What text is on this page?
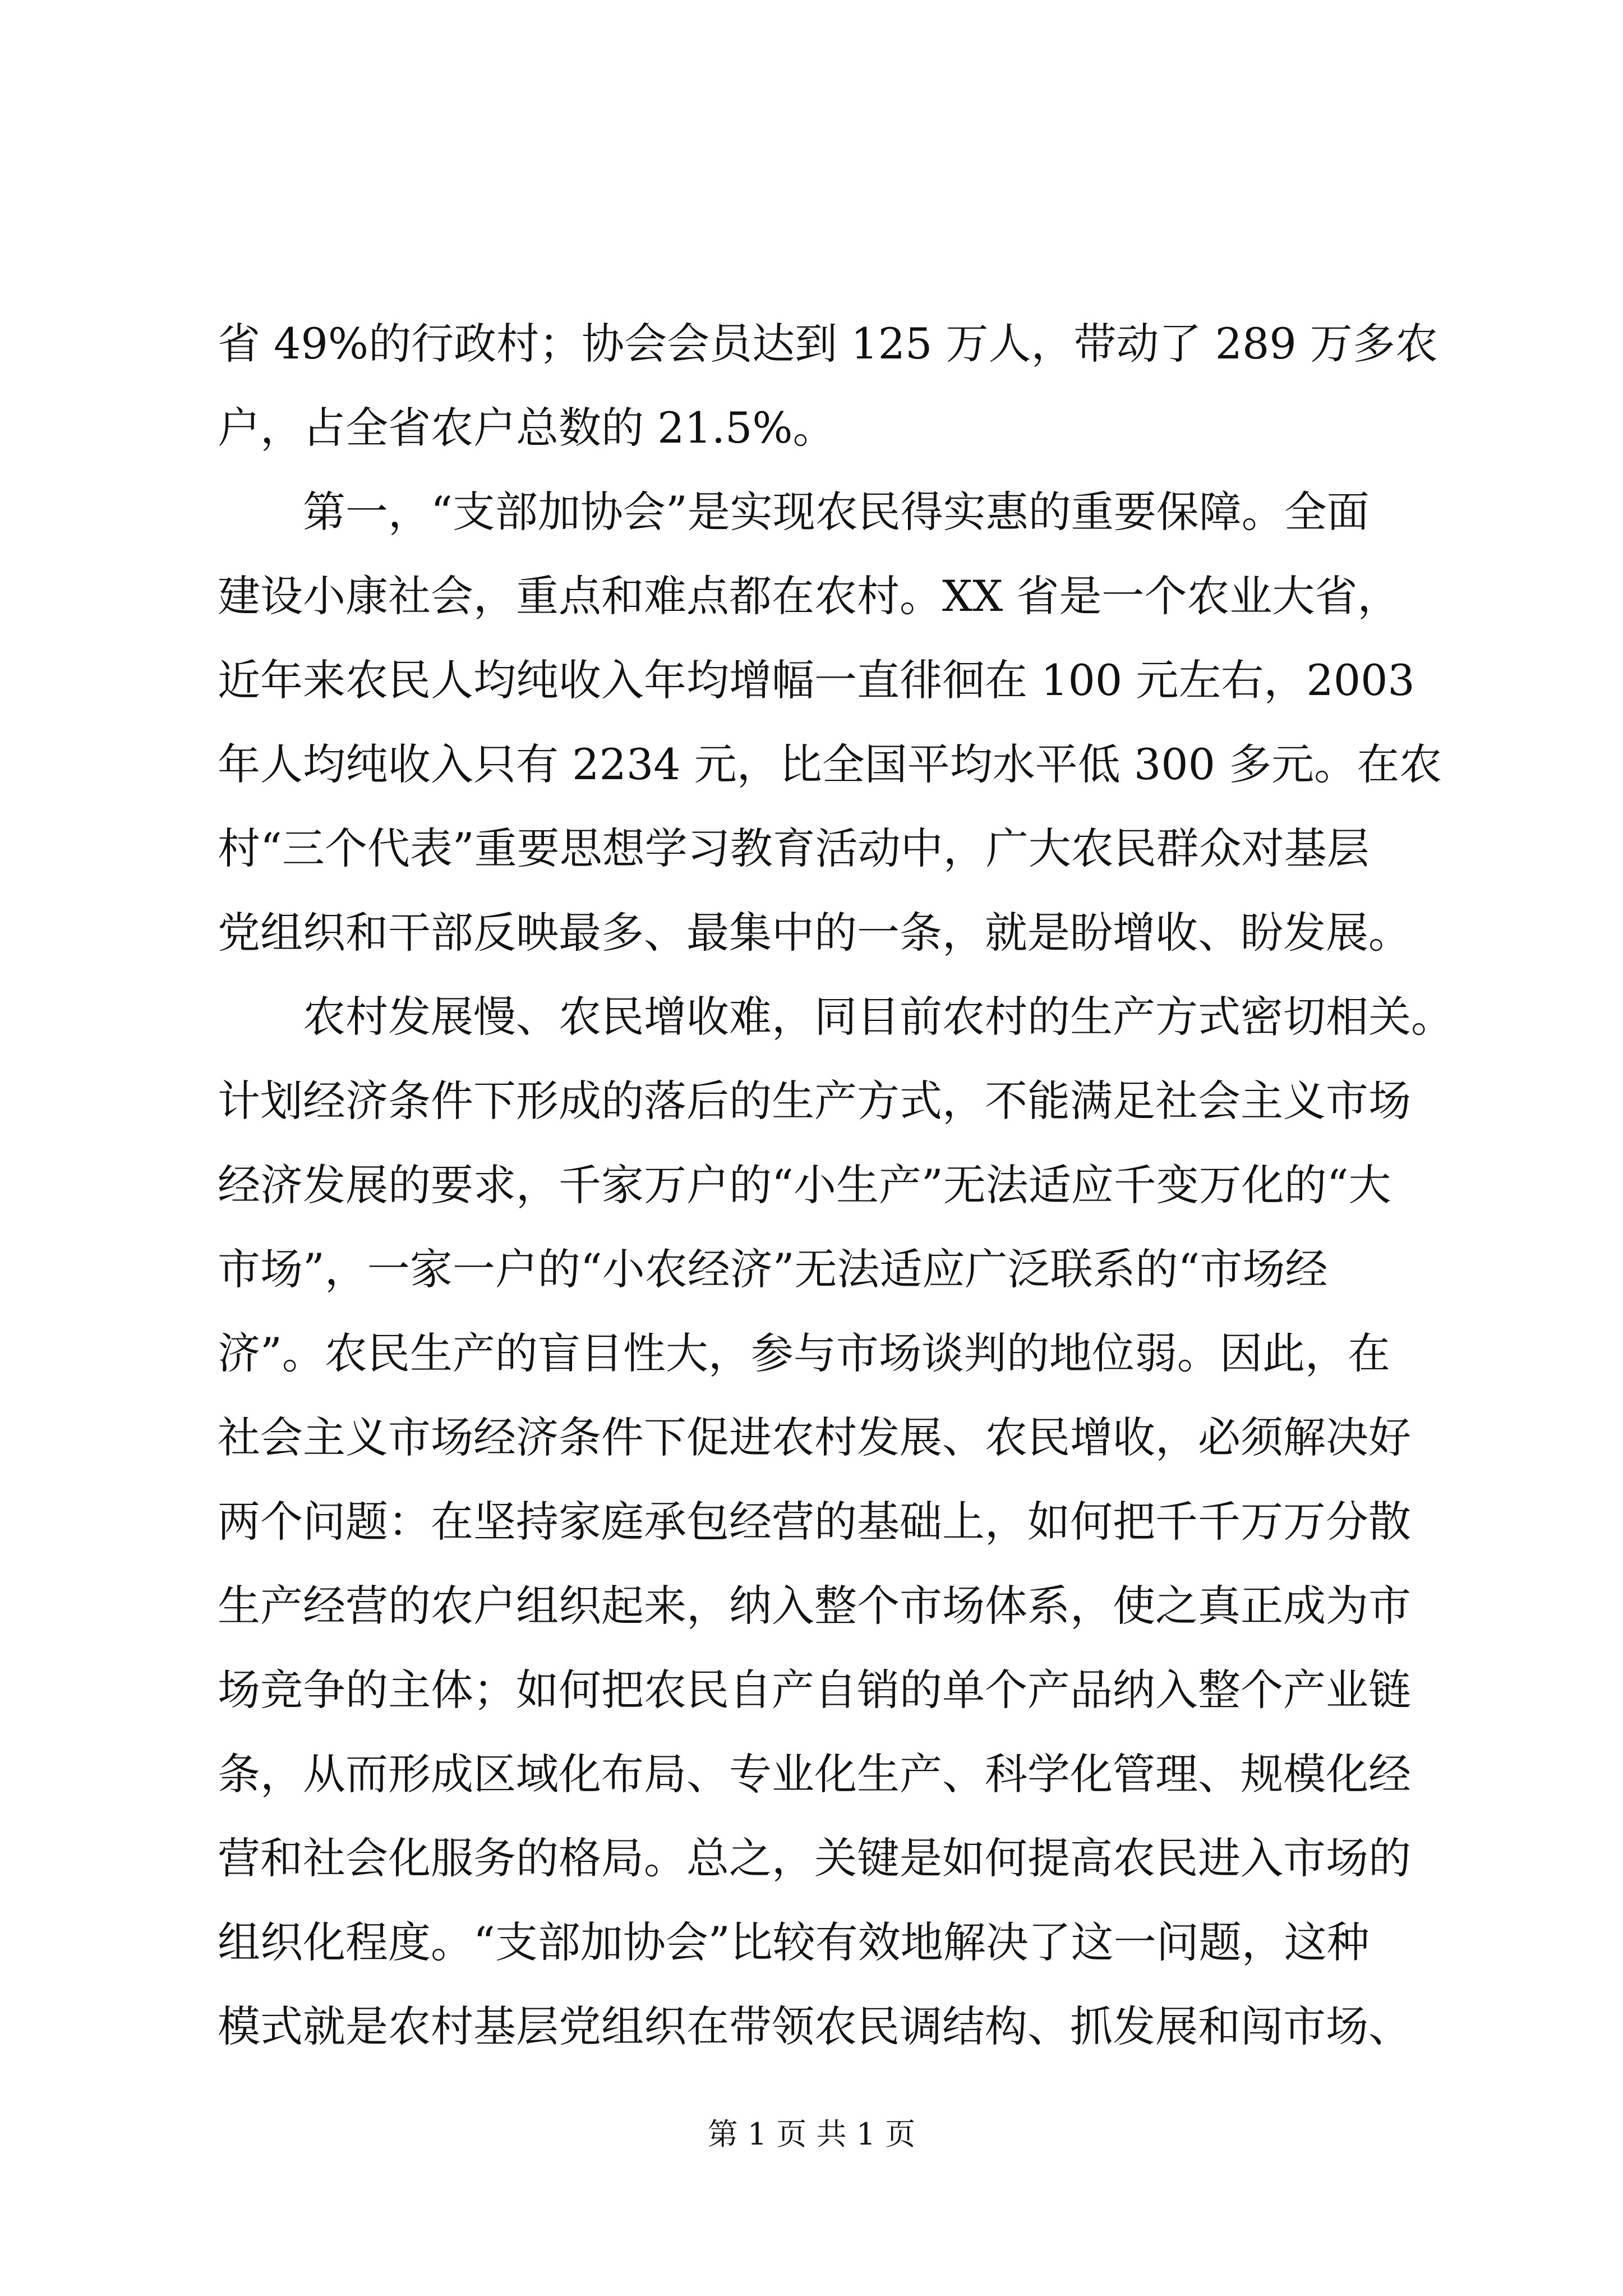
省 49%的行政村；协会会员达到 125 万人，带动了 289 万多农
户，占全省农户总数的 21.5%。
第一，“支部加协会”是实现农民得实惠的重要保障。全面
建设小康社会，重点和难点都在农村。XX 省是一个农业大省，
近年来农民人均纯收入年均增幅一直徘徊在 100 元左右，2003
年人均纯收入只有 2234 元，比全国平均水平低 300 多元。在农
村“三个代表”重要思想学习教育活动中，广大农民群众对基层
党组织和干部反映最多、最集中的一条，就是盼增收、盼发展。
农村发展慢、农民增收难，同目前农村的生产方式密切相关。
计划经济条件下形成的落后的生产方式，不能满足社会主义市场
经济发展的要求，千家万户的“小生产”无法适应千变万化的“大
市场”，一家一户的“小农经济”无法适应广泛联系的“市场经
济”。农民生产的盲目性大，参与市场谈判的地位弱。因此，在
社会主义市场经济条件下促进农村发展、农民增收，必须解决好
两个问题：在坚持家庭承包经营的基础上，如何把千千万万分散
生产经营的农户组织起来，纳入整个市场体系，使之真正成为市
场竞争的主体；如何把农民自产自销的单个产品纳入整个产业链
条，从而形成区域化布局、专业化生产、科学化管理、规模化经
营和社会化服务的格局。总之，关键是如何提高农民进入市场的
组织化程度。“支部加协会”比较有效地解决了这一问题，这种
模式就是农村基层党组织在带领农民调结构、抓发展和闯市场、
第 1 页 共 1 页
